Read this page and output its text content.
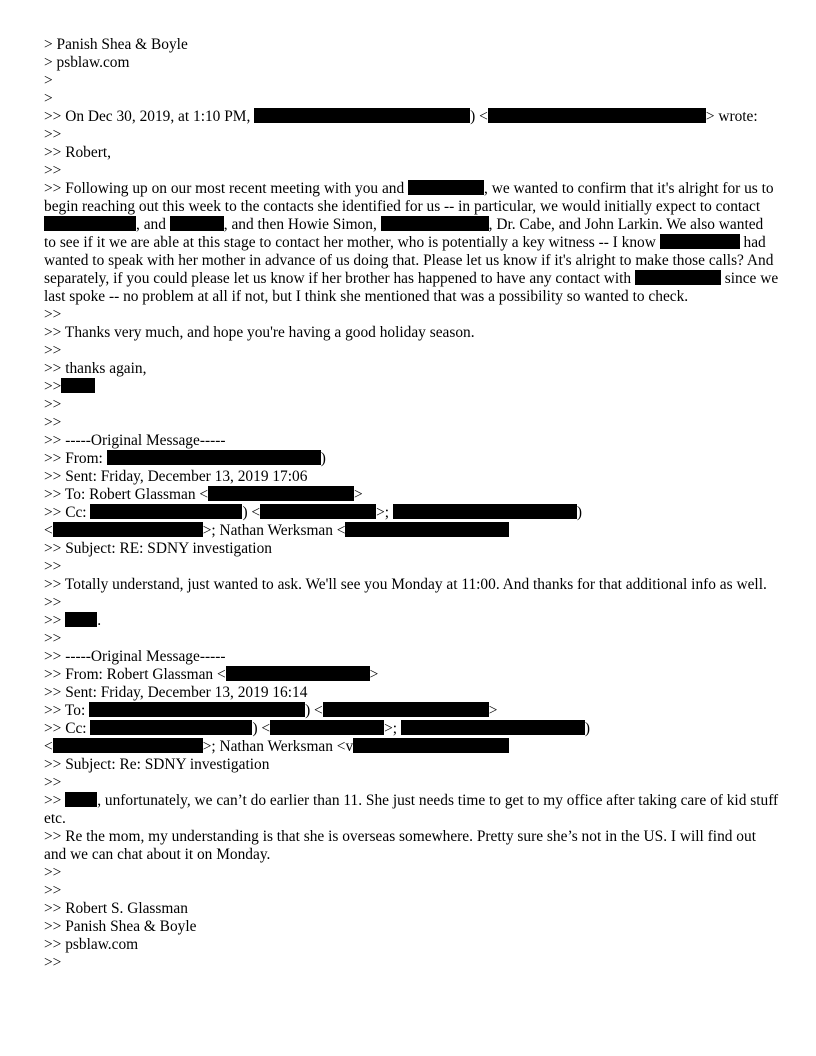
> Panish Shea & Boyle
> psblaw.com
>
>
>> On Dec 30, 2019, at 1:10 PM,	) <	> wrote:
>>
>> Robert,
>>
>> Following up on our most recent meeting with you and	, we wanted to confirm that it's alright for us to begin reaching out this week to the contacts she identified for us -- in particular, we would initially expect to contact , and	, and then Howie Simon,	, Dr. Cabe, and John Larkin. We also wanted to see if it we are able at this stage to contact her mother, who is potentially a key witness -- I know	had wanted to speak with her mother in advance of us doing that. Please let us know if it's alright to make those calls? And separately, if you could please let us know if her brother has happened to have any contact with	since we last spoke -- no problem at all if not, but I think she mentioned that was a possibility so wanted to check.
>>
>> Thanks very much, and hope you're having a good holiday season.
>>
>> thanks again,
>>
>>
>>
>> -----Original Message-----
>> From:	)
>> Sent: Friday, December 13, 2019 17:06
>> To: Robert Glassman <	>
>> Cc:	) <	>;	)
<	>; Nathan Werksman <
>> Subject: RE: SDNY investigation
>>
>> Totally understand, just wanted to ask. We'll see you Monday at 11:00. And thanks for that additional info as well.
>>
>> .
>>
>> -----Original Message-----
>> From: Robert Glassman <	>
>> Sent: Friday, December 13, 2019 16:14
>> To:	) <	>
>> Cc:	) <	>;	)
<	>; Nathan Werksman <v
>> Subject: Re: SDNY investigation
>>
>> , unfortunately, we can’t do earlier than 11. She just needs time to get to my office after taking care of kid stuff etc.
>> Re the mom, my understanding is that she is overseas somewhere. Pretty sure she’s not in the US. I will find out and we can chat about it on Monday.
>>
>>
>> Robert S. Glassman
>> Panish Shea & Boyle
>> psblaw.com
>>
